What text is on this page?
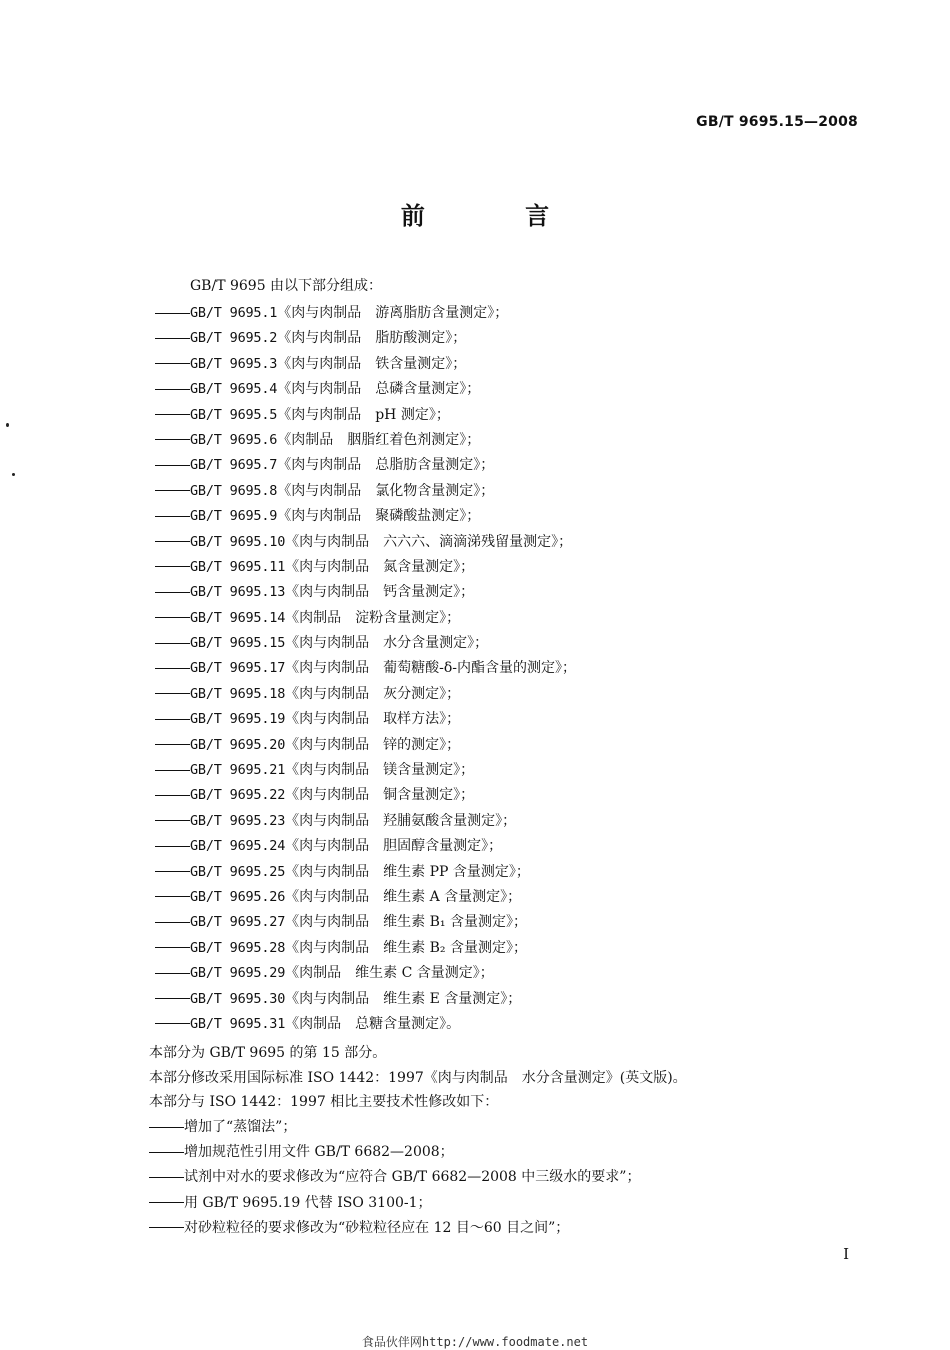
GB/T 9695.15—2008
前 言
GB/T 9695 由以下部分组成：
GB/T 9695.1《肉与肉制品　游离脂肪含量测定》；
GB/T 9695.2《肉与肉制品　脂肪酸测定》；
GB/T 9695.3《肉与肉制品　铁含量测定》；
GB/T 9695.4《肉与肉制品　总磷含量测定》；
GB/T 9695.5《肉与肉制品　pH 测定》；
GB/T 9695.6《肉制品　胭脂红着色剂测定》；
GB/T 9695.7《肉与肉制品　总脂肪含量测定》；
GB/T 9695.8《肉与肉制品　氯化物含量测定》；
GB/T 9695.9《肉与肉制品　聚磷酸盐测定》；
GB/T 9695.10《肉与肉制品　六六六、滴滴涕残留量测定》；
GB/T 9695.11《肉与肉制品　氮含量测定》；
GB/T 9695.13《肉与肉制品　钙含量测定》；
GB/T 9695.14《肉制品　淀粉含量测定》；
GB/T 9695.15《肉与肉制品　水分含量测定》；
GB/T 9695.17《肉与肉制品　葡萄糖酸-δ-内酯含量的测定》；
GB/T 9695.18《肉与肉制品　灰分测定》；
GB/T 9695.19《肉与肉制品　取样方法》；
GB/T 9695.20《肉与肉制品　锌的测定》；
GB/T 9695.21《肉与肉制品　镁含量测定》；
GB/T 9695.22《肉与肉制品　铜含量测定》；
GB/T 9695.23《肉与肉制品　羟脯氨酸含量测定》；
GB/T 9695.24《肉与肉制品　胆固醇含量测定》；
GB/T 9695.25《肉与肉制品　维生素 PP 含量测定》；
GB/T 9695.26《肉与肉制品　维生素 A 含量测定》；
GB/T 9695.27《肉与肉制品　维生素 B₁ 含量测定》；
GB/T 9695.28《肉与肉制品　维生素 B₂ 含量测定》；
GB/T 9695.29《肉制品　维生素 C 含量测定》；
GB/T 9695.30《肉与肉制品　维生素 E 含量测定》；
GB/T 9695.31《肉制品　总糖含量测定》。
本部分为 GB/T 9695 的第 15 部分。
本部分修改采用国际标准 ISO 1442：1997《肉与肉制品　水分含量测定》(英文版)。
本部分与 ISO 1442：1997 相比主要技术性修改如下：
增加了“蒸馏法”；
增加规范性引用文件 GB/T 6682—2008；
试剂中对水的要求修改为“应符合 GB/T 6682—2008 中三级水的要求”；
用 GB/T 9695.19 代替 ISO 3100-1；
对砂粒粒径的要求修改为“砂粒粒径应在 12 目～60 目之间”；
I
食品伙伴网http://www.foodmate.net
